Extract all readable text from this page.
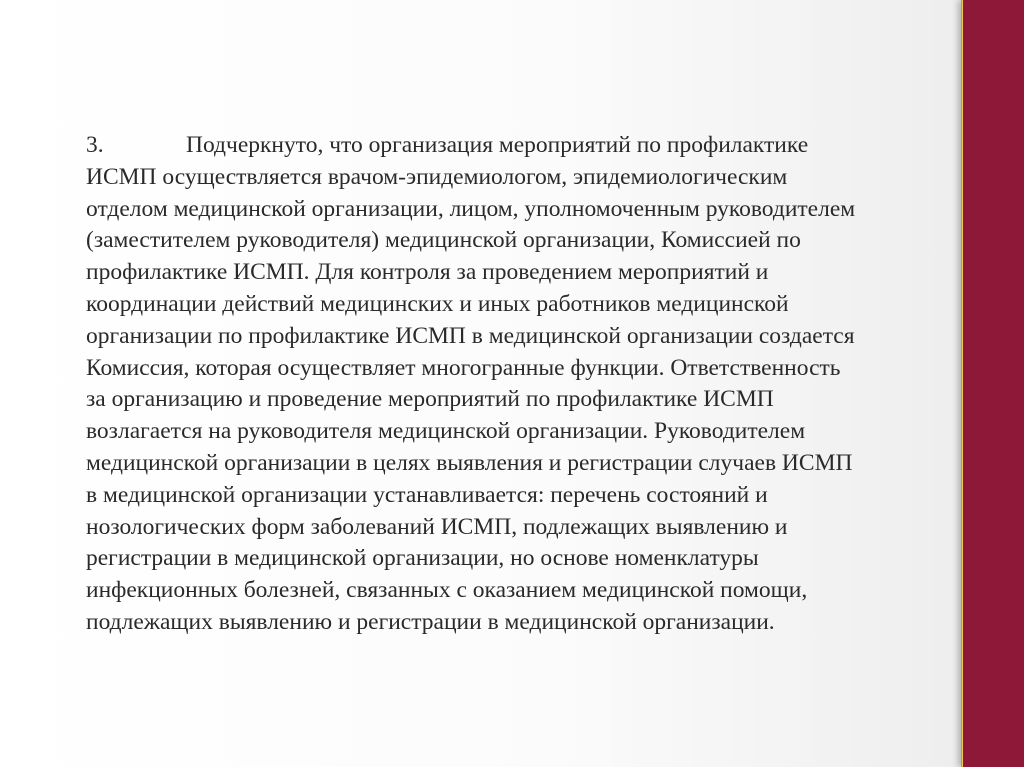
3.	Подчеркнуто, что организация мероприятий по профилактике
ИСМП осуществляется врачом-эпидемиологом, эпидемиологическим
отделом медицинской организации, лицом, уполномоченным руководителем
(заместителем руководителя) медицинской организации, Комиссией по
профилактике ИСМП. Для контроля за проведением мероприятий и
координации действий медицинских и иных работников медицинской
организации по профилактике ИСМП в медицинской организации создается
Комиссия, которая осуществляет многогранные функции. Ответственность
за организацию и проведение мероприятий по профилактике ИСМП
возлагается на руководителя медицинской организации. Руководителем
медицинской организации в целях выявления и регистрации случаев ИСМП
в медицинской организации устанавливается: перечень состояний и
нозологических форм заболеваний ИСМП, подлежащих выявлению и
регистрации в медицинской организации, но основе номенклатуры
инфекционных болезней, связанных с оказанием медицинской помощи,
подлежащих выявлению и регистрации в медицинской организации.
